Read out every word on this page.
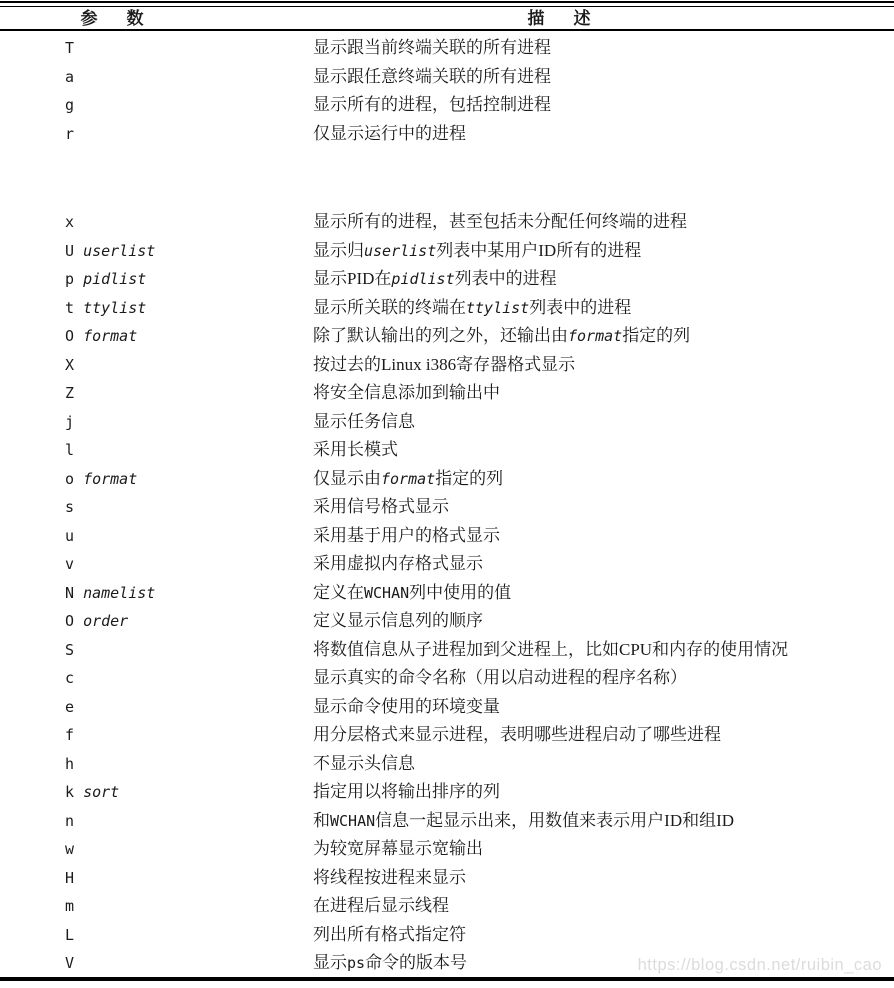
参　数	描　述
T	显示跟当前终端关联的所有进程
a	显示跟任意终端关联的所有进程
g	显示所有的进程，包括控制进程
r	仅显示运行中的进程
x	显示所有的进程，甚至包括未分配任何终端的进程
U userlist	显示归userlist列表中某用户ID所有的进程
p pidlist	显示PID在pidlist列表中的进程
t ttylist	显示所关联的终端在ttylist列表中的进程
O format	除了默认输出的列之外，还输出由format指定的列
X	按过去的Linux i386寄存器格式显示
Z	将安全信息添加到输出中
j	显示任务信息
l	采用长模式
o format	仅显示由format指定的列
s	采用信号格式显示
u	采用基于用户的格式显示
v	采用虚拟内存格式显示
N namelist	定义在WCHAN列中使用的值
O order	定义显示信息列的顺序
S	将数值信息从子进程加到父进程上，比如CPU和内存的使用情况
c	显示真实的命令名称（用以启动进程的程序名称）
e	显示命令使用的环境变量
f	用分层格式来显示进程，表明哪些进程启动了哪些进程
h	不显示头信息
k sort	指定用以将输出排序的列
n	和WCHAN信息一起显示出来，用数值来表示用户ID和组ID
w	为较宽屏幕显示宽输出
H	将线程按进程来显示
m	在进程后显示线程
L	列出所有格式指定符
V	显示ps命令的版本号	https://blog.csdn.net/ruibin_cao
